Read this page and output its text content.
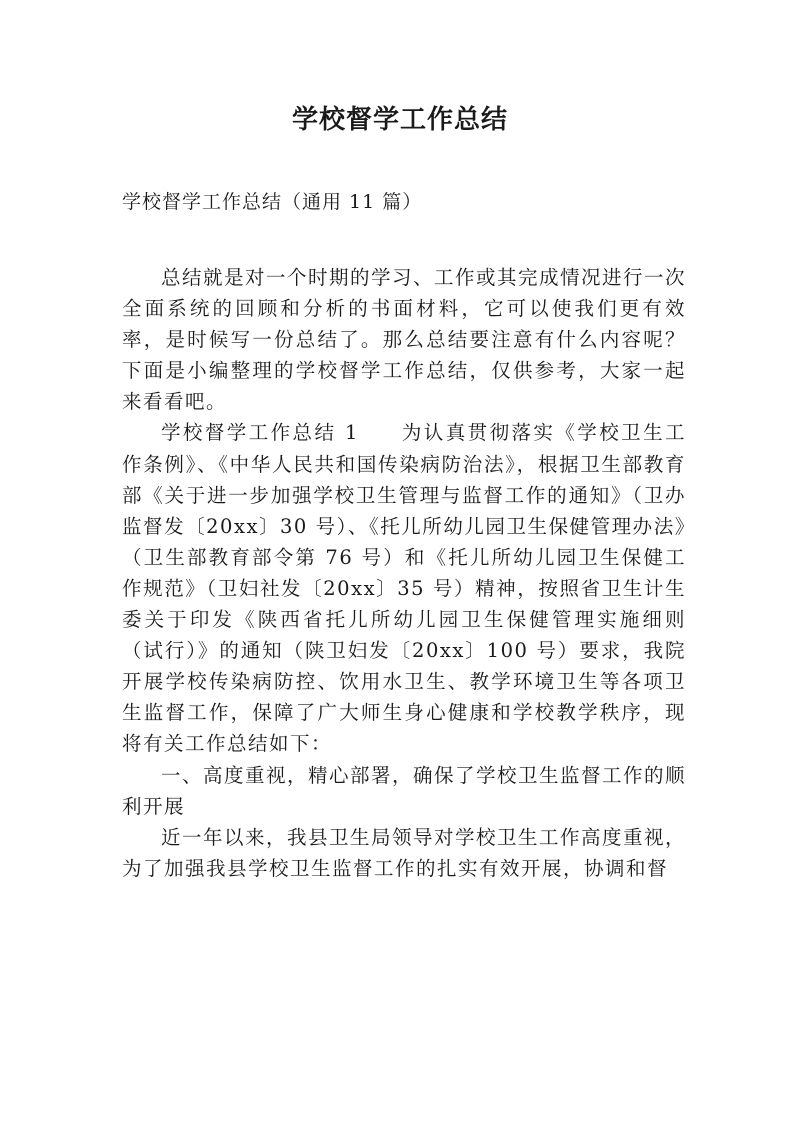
学校督学工作总结
学校督学工作总结（通用 11 篇）

总结就是对一个时期的学习、工作或其完成情况进行一次全面系统的回顾和分析的书面材料，它可以使我们更有效率，是时候写一份总结了。那么总结要注意有什么内容呢？下面是小编整理的学校督学工作总结，仅供参考，大家一起来看看吧。

学校督学工作总结 1 为认真贯彻落实《学校卫生工作条例》、《中华人民共和国传染病防治法》，根据卫生部教育部《关于进一步加强学校卫生管理与监督工作的通知》（卫办监督发〔20xx〕30 号）、《托儿所幼儿园卫生保健管理办法》（卫生部教育部令第 76 号）和《托儿所幼儿园卫生保健工作规范》（卫妇社发〔20xx〕35 号）精神，按照省卫生计生委关于印发《陕西省托儿所幼儿园卫生保健管理实施细则（试行）》的通知（陕卫妇发〔20xx〕100 号）要求，我院开展学校传染病防控、饮用水卫生、教学环境卫生等各项卫生监督工作，保障了广大师生身心健康和学校教学秩序，现将有关工作总结如下：

一、高度重视，精心部署，确保了学校卫生监督工作的顺利开展

近一年以来，我县卫生局领导对学校卫生工作高度重视，为了加强我县学校卫生监督工作的扎实有效开展，协调和督
